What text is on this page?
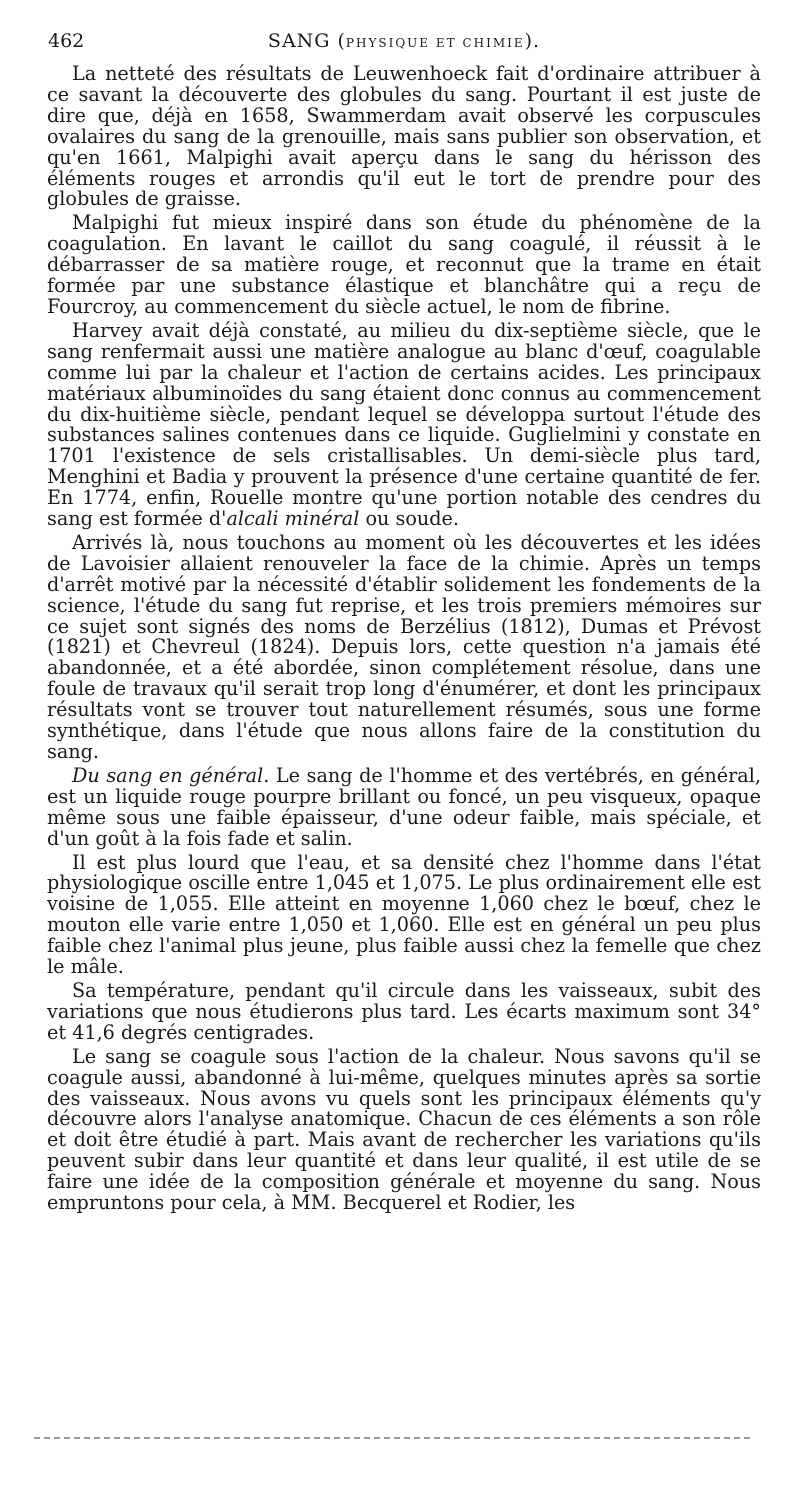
462	SANG (PHYSIQUE ET CHIMIE).

La netteté des résultats de Leuwenhoeck fait d'ordinaire attribuer à ce savant la découverte des globules du sang. Pourtant il est juste de dire que, déjà en 1658, Swammerdam avait observé les corpuscules ovalaires du sang de la grenouille, mais sans publier son observation, et qu'en 1661, Malpighi avait aperçu dans le sang du hérisson des éléments rouges et arrondis qu'il eut le tort de prendre pour des globules de graisse.

Malpighi fut mieux inspiré dans son étude du phénomène de la coagulation. En lavant le caillot du sang coagulé, il réussit à le débarrasser de sa matière rouge, et reconnut que la trame en était formée par une substance élastique et blanchâtre qui a reçu de Fourcroy, au commencement du siècle actuel, le nom de fibrine.

Harvey avait déjà constaté, au milieu du dix-septième siècle, que le sang renfermait aussi une matière analogue au blanc d'œuf, coagulable comme lui par la chaleur et l'action de certains acides. Les principaux matériaux albuminoïdes du sang étaient donc connus au commencement du dix-huitième siècle, pendant lequel se développa surtout l'étude des substances salines contenues dans ce liquide. Guglielmini y constate en 1701 l'existence de sels cristallisables. Un demi-siècle plus tard, Menghini et Badia y prouvent la présence d'une certaine quantité de fer. En 1774, enfin, Rouelle montre qu'une portion notable des cendres du sang est formée d'alcali minéral ou soude.

Arrivés là, nous touchons au moment où les découvertes et les idées de Lavoisier allaient renouveler la face de la chimie. Après un temps d'arrêt motivé par la nécessité d'établir solidement les fondements de la science, l'étude du sang fut reprise, et les trois premiers mémoires sur ce sujet sont signés des noms de Berzélius (1812), Dumas et Prévost (1821) et Chevreul (1824). Depuis lors, cette question n'a jamais été abandonnée, et a été abordée, sinon complétement résolue, dans une foule de travaux qu'il serait trop long d'énumérer, et dont les principaux résultats vont se trouver tout naturellement résumés, sous une forme synthétique, dans l'étude que nous allons faire de la constitution du sang.

Du sang en général. Le sang de l'homme et des vertébrés, en général, est un liquide rouge pourpre brillant ou foncé, un peu visqueux, opaque même sous une faible épaisseur, d'une odeur faible, mais spéciale, et d'un goût à la fois fade et salin.

Il est plus lourd que l'eau, et sa densité chez l'homme dans l'état physiologique oscille entre 1,045 et 1,075. Le plus ordinairement elle est voisine de 1,055. Elle atteint en moyenne 1,060 chez le bœuf, chez le mouton elle varie entre 1,050 et 1,060. Elle est en général un peu plus faible chez l'animal plus jeune, plus faible aussi chez la femelle que chez le mâle.

Sa température, pendant qu'il circule dans les vaisseaux, subit des variations que nous étudierons plus tard. Les écarts maximum sont 34° et 41,6 degrés centigrades.

Le sang se coagule sous l'action de la chaleur. Nous savons qu'il se coagule aussi, abandonné à lui-même, quelques minutes après sa sortie des vaisseaux. Nous avons vu quels sont les principaux éléments qu'y découvre alors l'analyse anatomique. Chacun de ces éléments a son rôle et doit être étudié à part. Mais avant de rechercher les variations qu'ils peuvent subir dans leur quantité et dans leur qualité, il est utile de se faire une idée de la composition générale et moyenne du sang. Nous empruntons pour cela, à MM. Becquerel et Rodier, les
